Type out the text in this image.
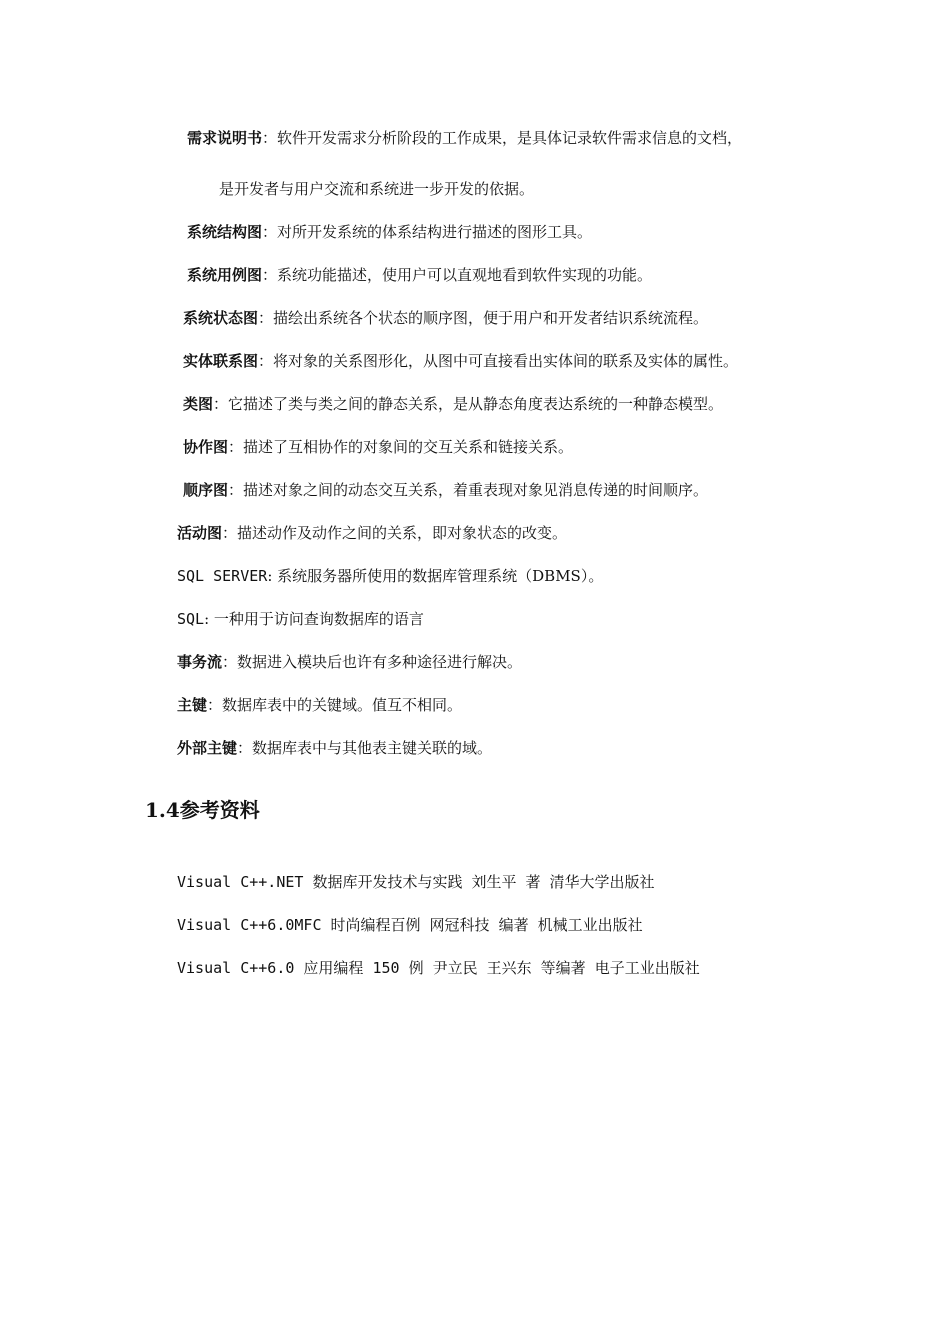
需求说明书：软件开发需求分析阶段的工作成果，是具体记录软件需求信息的文档，
是开发者与用户交流和系统进一步开发的依据。
系统结构图：对所开发系统的体系结构进行描述的图形工具。
系统用例图：系统功能描述，使用户可以直观地看到软件实现的功能。
系统状态图：描绘出系统各个状态的顺序图，便于用户和开发者结识系统流程。
实体联系图：将对象的关系图形化，从图中可直接看出实体间的联系及实体的属性。
类图：它描述了类与类之间的静态关系，是从静态角度表达系统的一种静态模型。
协作图：描述了互相协作的对象间的交互关系和链接关系。
顺序图：描述对象之间的动态交互关系，着重表现对象见消息传递的时间顺序。
活动图：描述动作及动作之间的关系，即对象状态的改变。
SQL SERVER: 系统服务器所使用的数据库管理系统（DBMS）。
SQL: 一种用于访问查询数据库的语言
事务流：数据进入模块后也许有多种途径进行解决。
主键：数据库表中的关键域。值互不相同。
外部主键：数据库表中与其他表主键关联的域。
1.4参考资料
Visual C++.NET 数据库开发技术与实践 刘生平 著 清华大学出版社
Visual C++6.0MFC 时尚编程百例 网冠科技 编著 机械工业出版社
Visual C++6.0 应用编程 150 例 尹立民 王兴东 等编著 电子工业出版社
